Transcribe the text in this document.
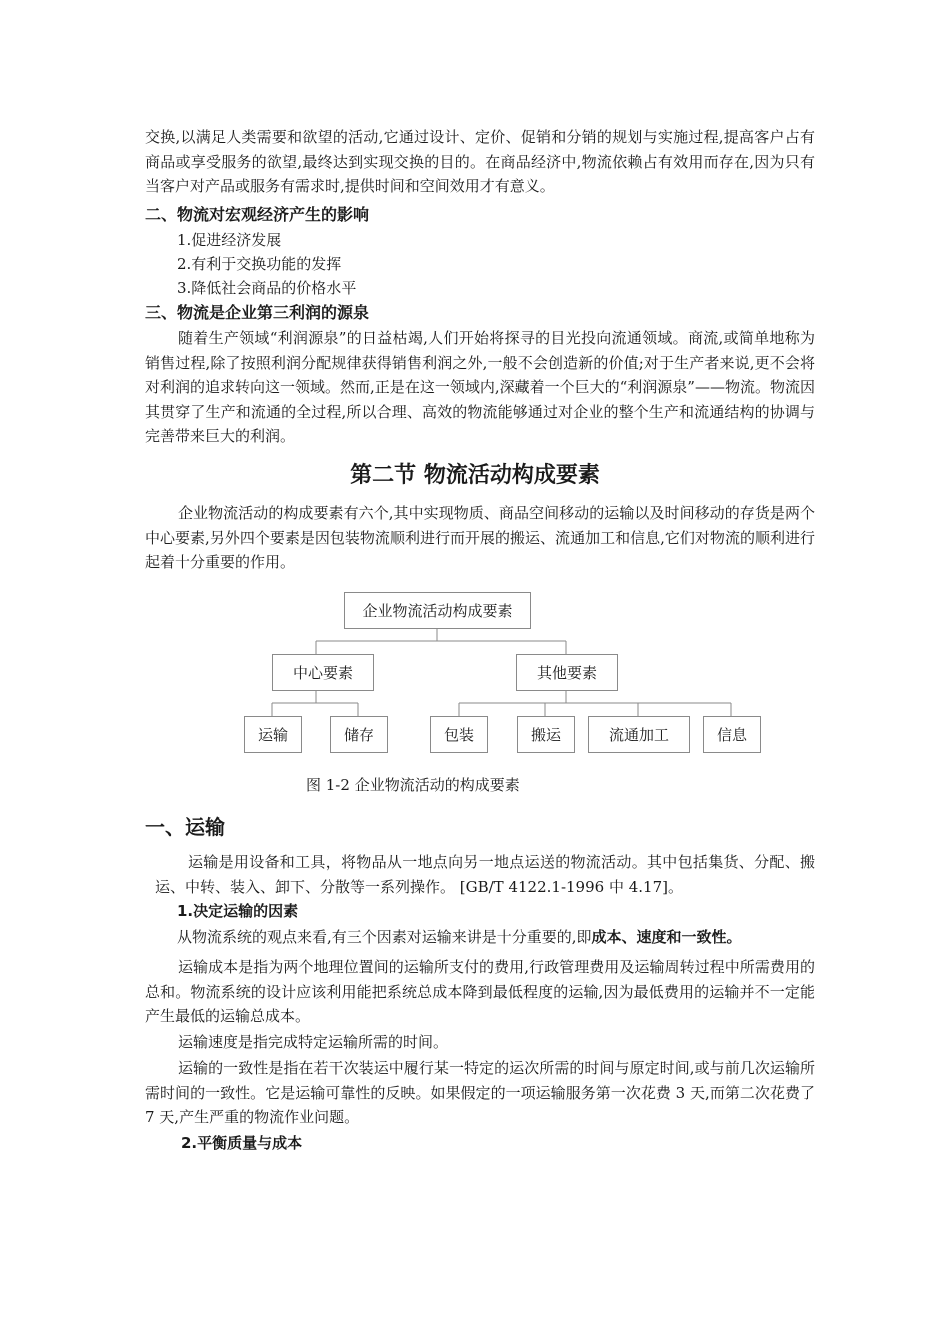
交换,以满足人类需要和欲望的活动,它通过设计、定价、促销和分销的规划与实施过程,提高客户占有商品或享受服务的欲望,最终达到实现交换的目的。在商品经济中,物流依赖占有效用而存在,因为只有当客户对产品或服务有需求时,提供时间和空间效用才有意义。

二、物流对宏观经济产生的影响

1.促进经济发展

2.有利于交换功能的发挥

3.降低社会商品的价格水平

三、物流是企业第三利润的源泉

随着生产领域“利润源泉”的日益枯竭,人们开始将探寻的目光投向流通领域。商流,或简单地称为销售过程,除了按照利润分配规律获得销售利润之外,一般不会创造新的价值;对于生产者来说,更不会将对利润的追求转向这一领域。然而,正是在这一领域内,深藏着一个巨大的“利润源泉”——物流。物流因其贯穿了生产和流通的全过程,所以合理、高效的物流能够通过对企业的整个生产和流通结构的协调与完善带来巨大的利润。

第二节 物流活动构成要素

企业物流活动的构成要素有六个,其中实现物质、商品空间移动的运输以及时间移动的存货是两个中心要素,另外四个要素是因包装物流顺利进行而开展的搬运、流通加工和信息,它们对物流的顺利进行起着十分重要的作用。

企业物流活动构成要素
中心要素	其他要素
运输	储存	包装	搬运	流通加工	信息

图 1-2 企业物流活动的构成要素

一、运输

运输是用设备和工具，将物品从一地点向另一地点运送的物流活动。其中包括集货、分配、搬运、中转、装入、卸下、分散等一系列操作。 [GB/T 4122.1-1996 中 4.17]。

1.决定运输的因素

从物流系统的观点来看,有三个因素对运输来讲是十分重要的,即成本、速度和一致性。

运输成本是指为两个地理位置间的运输所支付的费用,行政管理费用及运输周转过程中所需费用的总和。物流系统的设计应该利用能把系统总成本降到最低程度的运输,因为最低费用的运输并不一定能产生最低的运输总成本。

运输速度是指完成特定运输所需的时间。

运输的一致性是指在若干次装运中履行某一特定的运次所需的时间与原定时间,或与前几次运输所需时间的一致性。它是运输可靠性的反映。如果假定的一项运输服务第一次花费 3 天,而第二次花费了 7 天,产生严重的物流作业问题。

2.平衡质量与成本
